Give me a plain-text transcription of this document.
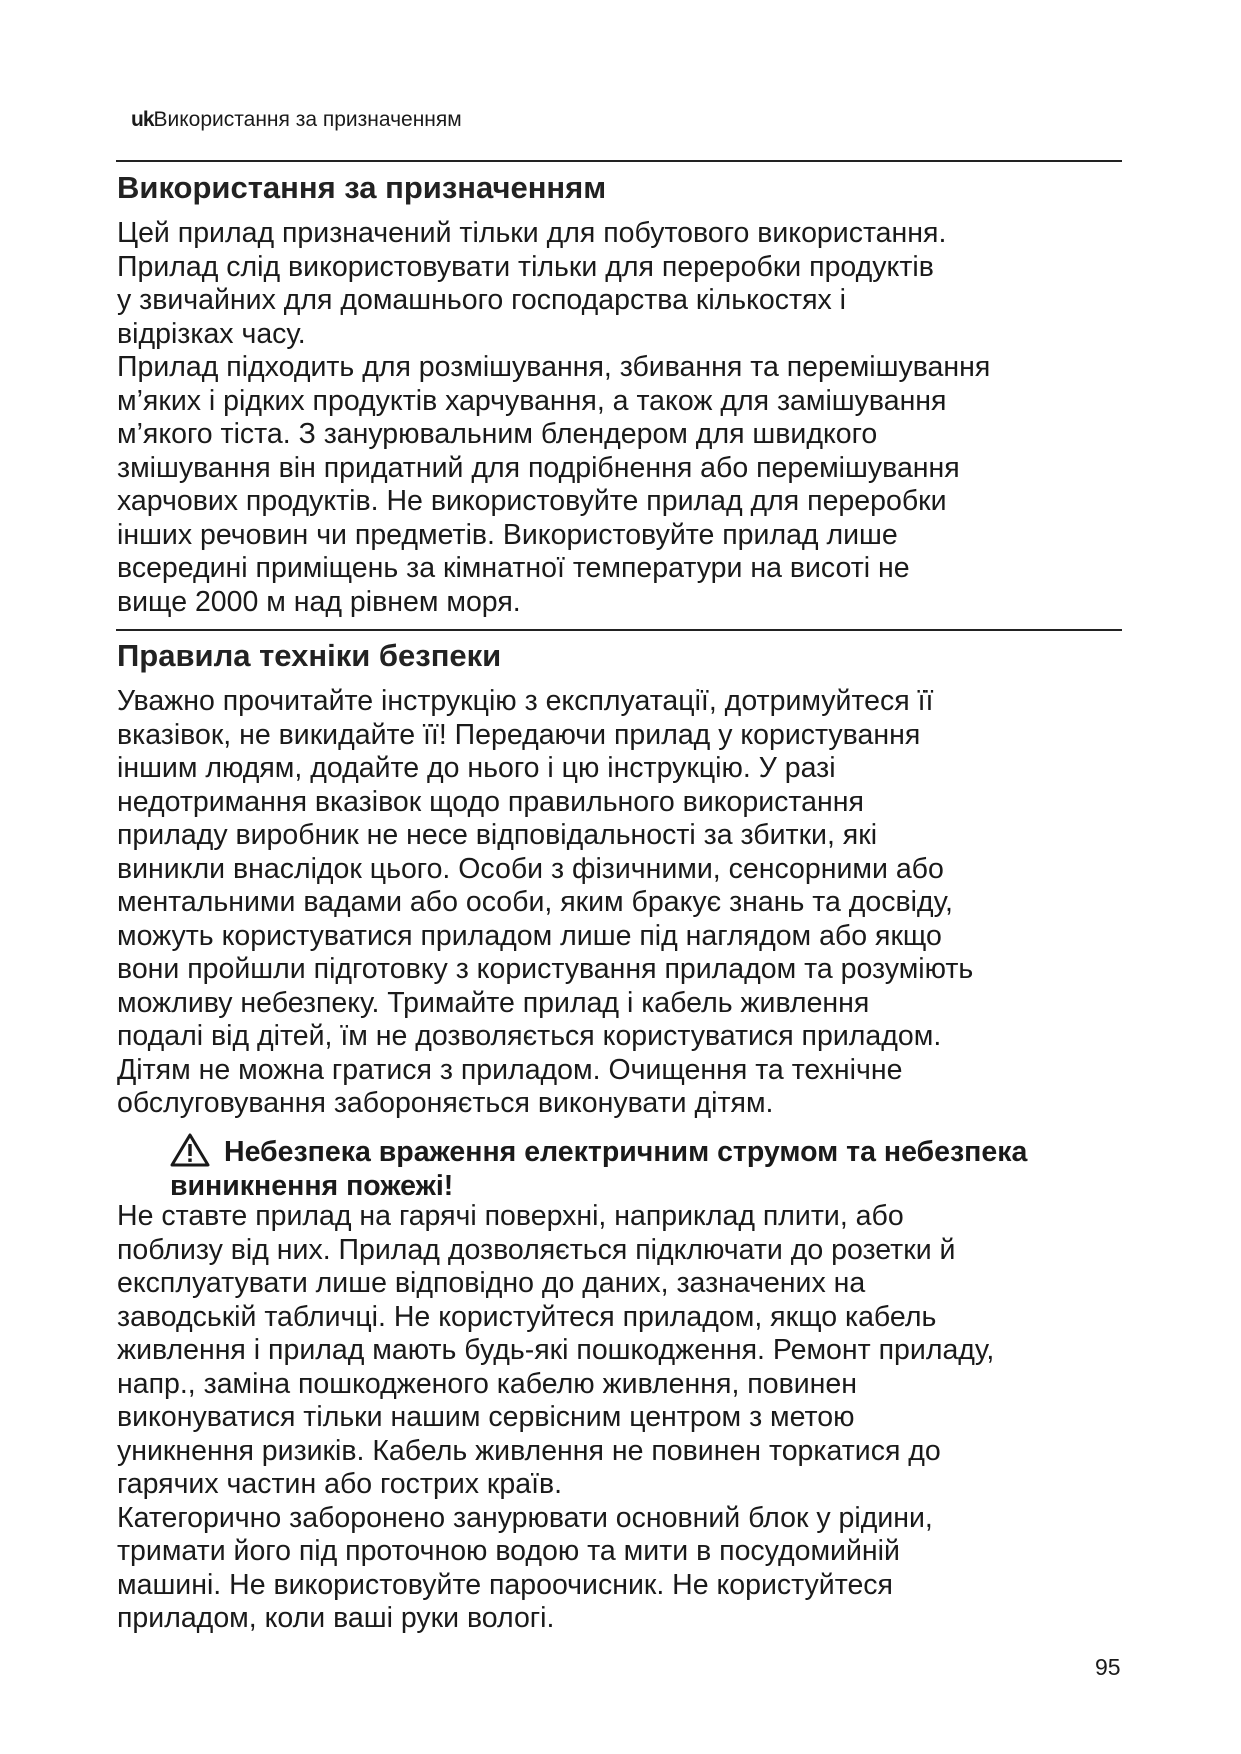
ukВикористання за призначенням
Використання за призначенням
Цей прилад призначений тільки для побутового використання.
Прилад слід використовувати тільки для переробки продуктів
у звичайних для домашнього господарства кількостях і
відрізках часу.
Прилад підходить для розмішування, збивання та перемішування
м’яких і рідких продуктів харчування, а також для замішування
м’якого тіста. З занурювальним блендером для швидкого
змішування він придатний для подрібнення або перемішування
харчових продуктів. Не використовуйте прилад для переробки
інших речовин чи предметів. Використовуйте прилад лише
всередині приміщень за кімнатної температури на висоті не
вище 2000 м над рівнем моря.
Правила техніки безпеки
Уважно прочитайте інструкцію з експлуатації, дотримуйтеся її
вказівок, не викидайте її! Передаючи прилад у користування
іншим людям, додайте до нього і цю інструкцію. У разі
недотримання вказівок щодо правильного використання
приладу виробник не несе відповідальності за збитки, які
виникли внаслідок цього. Особи з фізичними, сенсорними або
ментальними вадами або особи, яким бракує знань та досвіду,
можуть користуватися приладом лише під наглядом або якщо
вони пройшли підготовку з користування приладом та розуміють
можливу небезпеку. Тримайте прилад і кабель живлення
подалі від дітей, їм не дозволяється користуватися приладом.
Дітям не можна гратися з приладом. Очищення та технічне
обслуговування забороняється виконувати дітям.
Небезпека враження електричним струмом та небезпека
виникнення пожежі!
Не ставте прилад на гарячі поверхні, наприклад плити, або
поблизу від них. Прилад дозволяється підключати до розетки й
експлуатувати лише відповідно до даних, зазначених на
заводській табличці. Не користуйтеся приладом, якщо кабель
живлення і прилад мають будь-які пошкодження. Ремонт приладу,
напр., заміна пошкодженого кабелю живлення, повинен
виконуватися тільки нашим сервісним центром з метою
уникнення ризиків. Кабель живлення не повинен торкатися до
гарячих частин або гострих країв.
Категорично заборонено занурювати основний блок у рідини,
тримати його під проточною водою та мити в посудомийній
машині. Не використовуйте пароочисник. Не користуйтеся
приладом, коли ваші руки вологі.
95
